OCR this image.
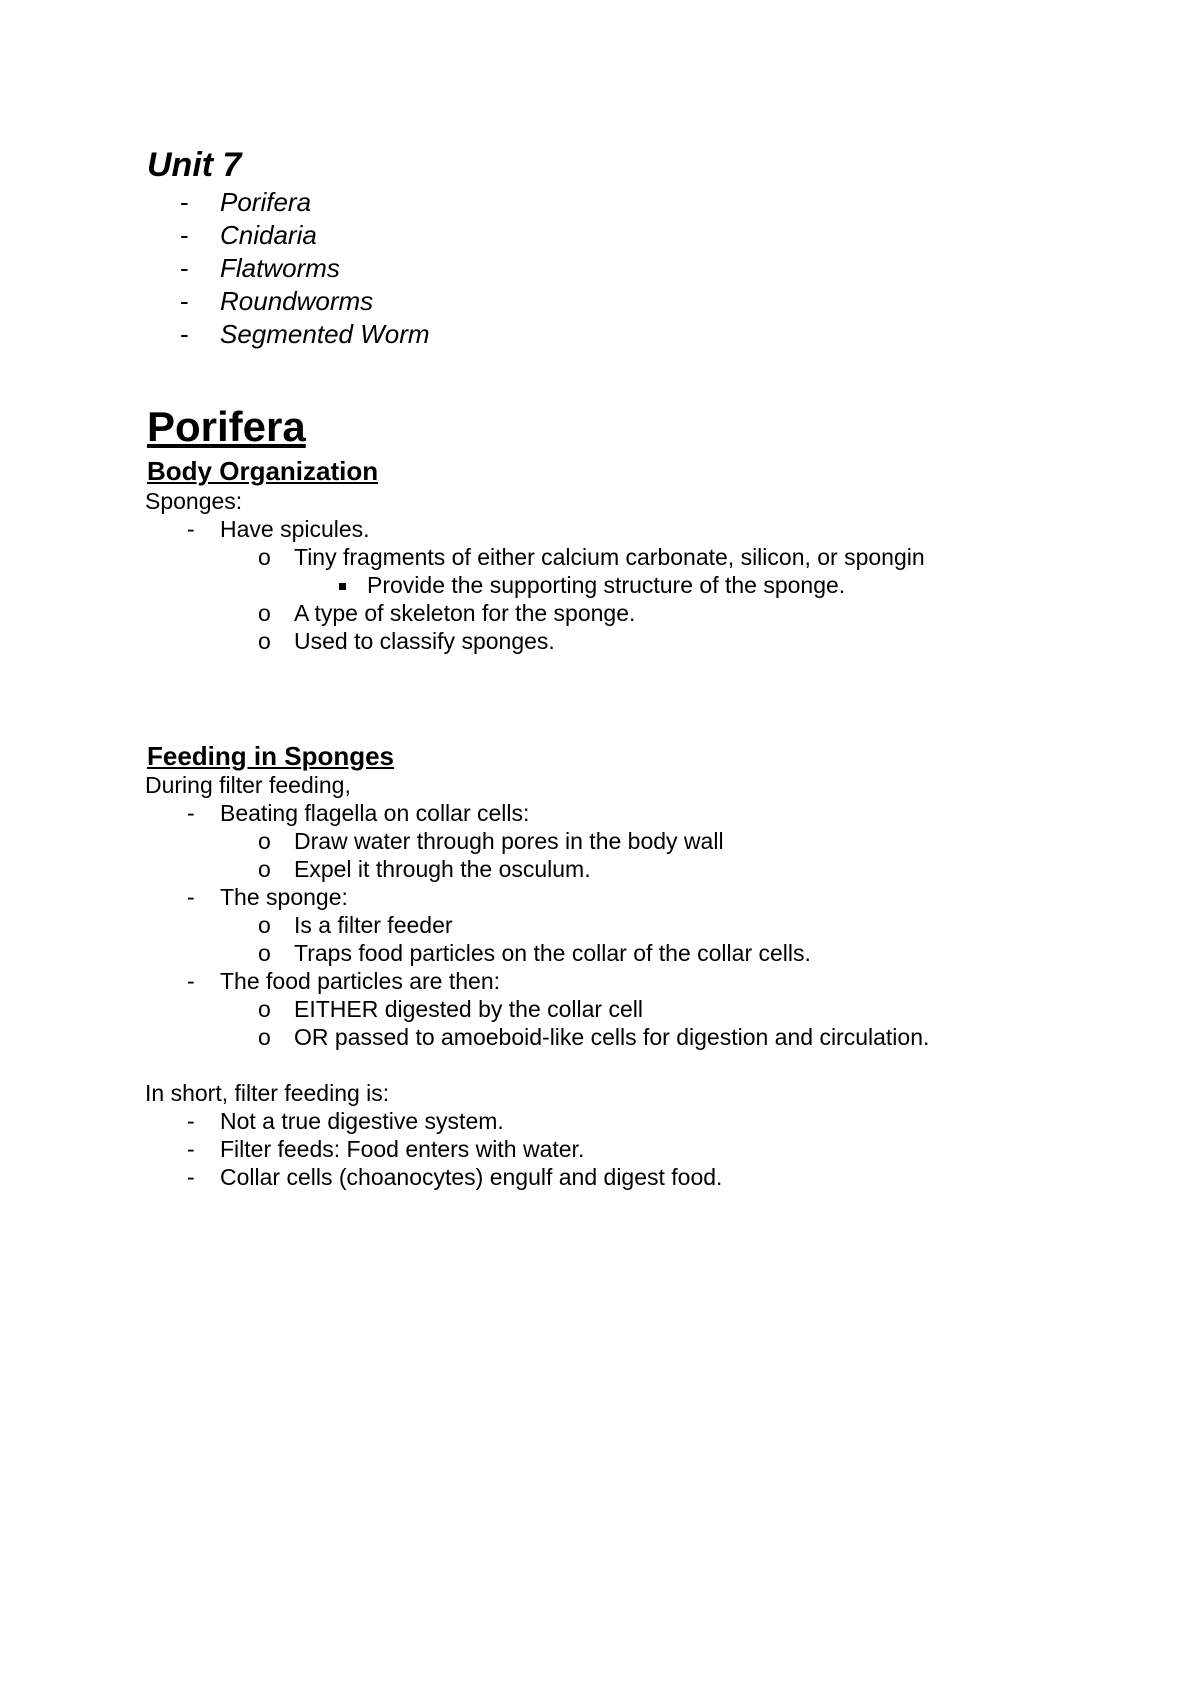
Unit 7
- Porifera
- Cnidaria
- Flatworms
- Roundworms
- Segmented Worm
Porifera
Body Organization

Sponges:

- Have spicules.

o Tiny fragments of either calcium carbonate, silicon, or spongin

Provide the supporting structure of the sponge.

o A type of skeleton for the sponge.

o Used to classify sponges.

Feeding in Sponges

During filter feeding,

- Beating flagella on collar cells:

o Draw water through pores in the body wall

o Expel it through the osculum.

- The sponge:

o Is a filter feeder

o Traps food particles on the collar of the collar cells.

- The food particles are then:

o EITHER digested by the collar cell

o OR passed to amoeboid-like cells for digestion and circulation.

In short, filter feeding is:

- Not a true digestive system.

- Filter feeds: Food enters with water.

- Collar cells (choanocytes) engulf and digest food.
